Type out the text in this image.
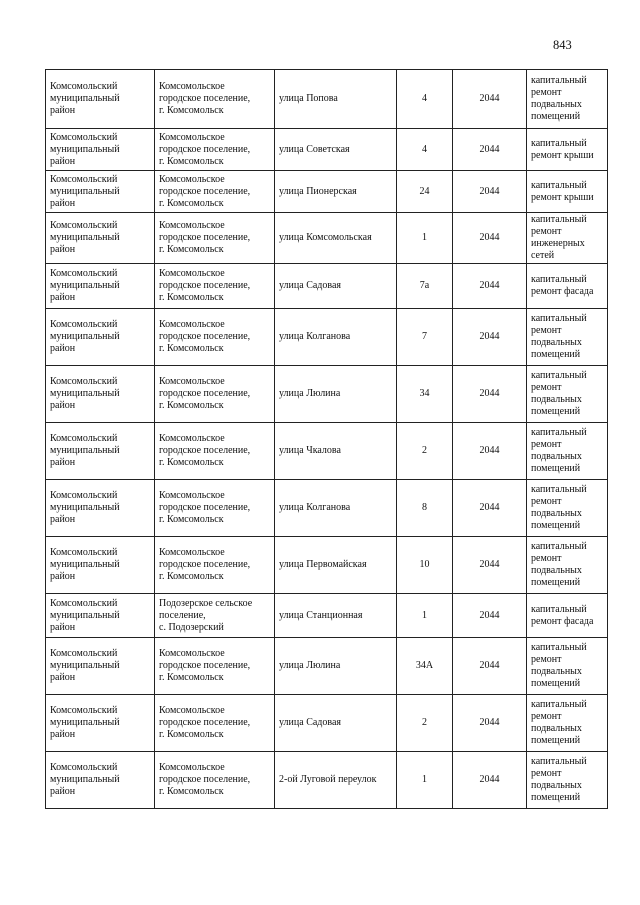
843
Комсомольский
муниципальный
район	Комсомольское
городское поселение,
г. Комсомольск	улица Попова	4	2044	капитальный
ремонт
подвальных
помещений
Комсомольский
муниципальный
район	Комсомольское
городское поселение,
г. Комсомольск	улица Советская	4	2044	капитальный
ремонт крыши
Комсомольский
муниципальный
район	Комсомольское
городское поселение,
г. Комсомольск	улица Пионерская	24	2044	капитальный
ремонт крыши
Комсомольский
муниципальный
район	Комсомольское
городское поселение,
г. Комсомольск	улица Комсомольская	1	2044	капитальный
ремонт
инженерных
сетей
Комсомольский
муниципальный
район	Комсомольское
городское поселение,
г. Комсомольск	улица Садовая	7а	2044	капитальный
ремонт фасада
Комсомольский
муниципальный
район	Комсомольское
городское поселение,
г. Комсомольск	улица Колганова	7	2044	капитальный
ремонт
подвальных
помещений
Комсомольский
муниципальный
район	Комсомольское
городское поселение,
г. Комсомольск	улица Люлина	34	2044	капитальный
ремонт
подвальных
помещений
Комсомольский
муниципальный
район	Комсомольское
городское поселение,
г. Комсомольск	улица Чкалова	2	2044	капитальный
ремонт
подвальных
помещений
Комсомольский
муниципальный
район	Комсомольское
городское поселение,
г. Комсомольск	улица Колганова	8	2044	капитальный
ремонт
подвальных
помещений
Комсомольский
муниципальный
район	Комсомольское
городское поселение,
г. Комсомольск	улица Первомайская	10	2044	капитальный
ремонт
подвальных
помещений
Комсомольский
муниципальный
район	Подозерское сельское
поселение,
с. Подозерский	улица Станционная	1	2044	капитальный
ремонт фасада
Комсомольский
муниципальный
район	Комсомольское
городское поселение,
г. Комсомольск	улица Люлина	34А	2044	капитальный
ремонт
подвальных
помещений
Комсомольский
муниципальный
район	Комсомольское
городское поселение,
г. Комсомольск	улица Садовая	2	2044	капитальный
ремонт
подвальных
помещений
Комсомольский
муниципальный
район	Комсомольское
городское поселение,
г. Комсомольск	2-ой Луговой переулок	1	2044	капитальный
ремонт
подвальных
помещений
